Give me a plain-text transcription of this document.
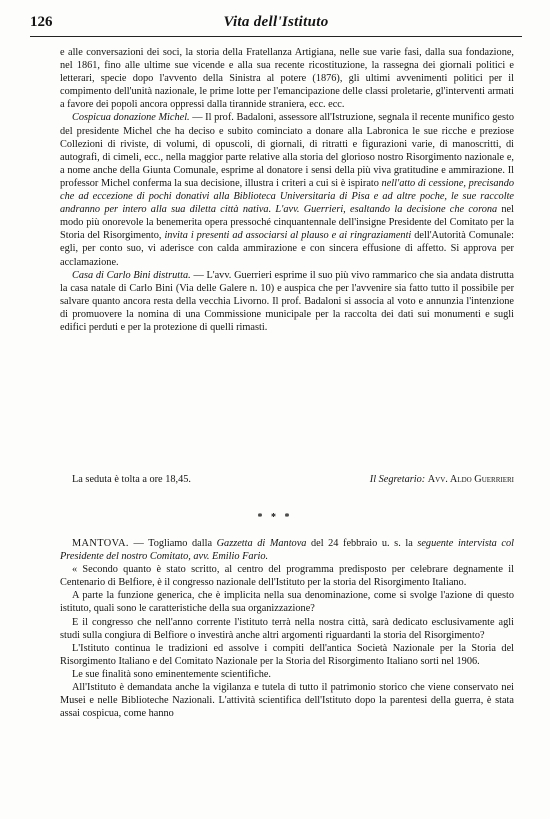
126	Vita dell'Istituto

e alle conversazioni dei soci, la storia della Fratellanza Artigiana, nelle sue varie fasi, dalla sua fondazione, nel 1861, fino alle ultime sue vicende e alla sua recente ricostituzione, la rassegna dei giornali politici e letterari, specie dopo l'avvento della Sinistra al potere (1876), gli ultimi avvenimenti politici per il compimento dell'unità nazionale, le prime lotte per l'emancipazione delle classi proletarie, gl'interventi armati a favore dei popoli ancora oppressi dalla tirannide straniera, ecc. ecc.

Cospicua donazione Michel. — Il prof. Badaloni, assessore all'Istruzione, segnala il recente munifico gesto del presidente Michel che ha deciso e subito cominciato a donare alla Labronica le sue ricche e preziose Collezioni di riviste, di volumi, di opuscoli, di giornali, di ritratti e figurazioni varie, di manoscritti, di autografi, di cimeli, ecc., nella maggior parte relative alla storia del glorioso nostro Risorgimento nazionale e, a nome anche della Giunta Comunale, esprime al donatore i sensi della più viva gratitudine e ammirazione. Il professor Michel conferma la sua decisione, illustra i criteri a cui si è ispirato nell'atto di cessione, precisando che ad eccezione di pochi donativi alla Biblioteca Universitaria di Pisa e ad altre poche, le sue raccolte andranno per intero alla sua diletta città nativa. L'avv. Guerrieri, esaltando la decisione che corona nel modo più onorevole la benemerita opera pressoché cinquantennale dell'insigne Presidente del Comitato per la Storia del Risorgimento, invita i presenti ad associarsi al plauso e ai ringraziamenti dell'Autorità Comunale: egli, per conto suo, vi aderisce con calda ammirazione e con sincera effusione di affetto. Si approva per acclamazione.

Casa di Carlo Bini distrutta. — L'avv. Guerrieri esprime il suo più vivo rammarico che sia andata distrutta la casa natale di Carlo Bini (Via delle Galere n. 10) e auspica che per l'avvenire sia fatto tutto il possibile per salvare quanto ancora resta della vecchia Livorno. Il prof. Badaloni si associa al voto e annunzia l'intenzione di promuovere la nomina di una Commissione municipale per la raccolta dei dati sui monumenti e sugli edifici perduti e per la protezione di quelli rimasti.

La seduta è tolta a ore 18,45.	Il Segretario: Avv. Aldo Guerrieri
* * *

MANTOVA. — Togliamo dalla Gazzetta di Mantova del 24 febbraio u. s. la seguente intervista col Presidente del nostro Comitato, avv. Emilio Fario.

« Secondo quanto è stato scritto, al centro del programma predisposto per celebrare degnamente il Centenario di Belfiore, è il congresso nazionale dell'Istituto per la storia del Risorgimento Italiano.

A parte la funzione generica, che è implicita nella sua denominazione, come si svolge l'azione di questo istituto, quali sono le caratteristiche della sua organizzazione?

E il congresso che nell'anno corrente l'istituto terrà nella nostra città, sarà dedicato esclusivamente agli studi sulla congiura di Belfiore o investirà anche altri argomenti riguardanti la storia del Risorgimento?

L'Istituto continua le tradizioni ed assolve i compiti dell'antica Società Nazionale per la Storia del Risorgimento Italiano e del Comitato Nazionale per la Storia del Risorgimento Italiano sorti nel 1906.

Le sue finalità sono eminentemente scientifiche.

All'Istituto è demandata anche la vigilanza e tutela di tutto il patrimonio storico che viene conservato nei Musei e nelle Biblioteche Nazionali. L'attività scientifica dell'Istituto dopo la parentesi della guerra, è stata assai cospicua, come hanno
